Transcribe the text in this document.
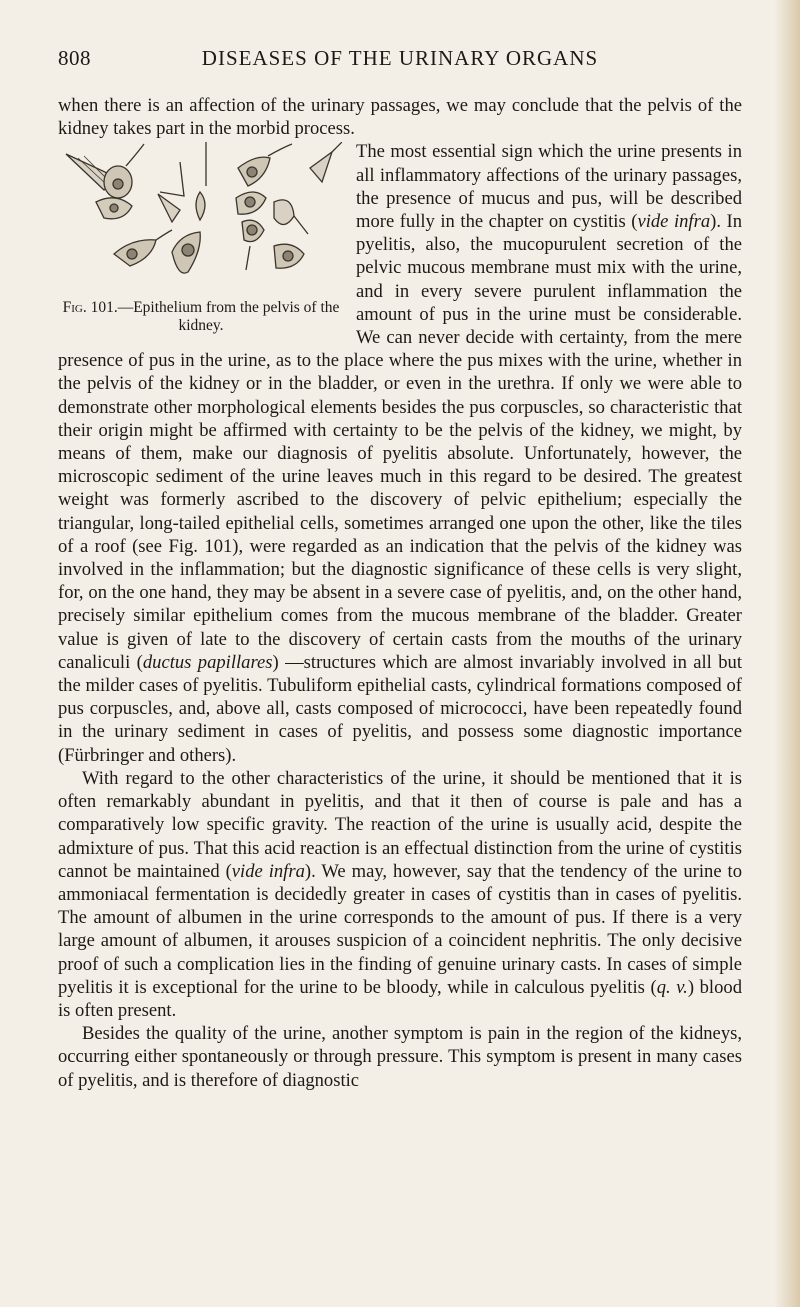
808	DISEASES OF THE URINARY ORGANS

when there is an affection of the urinary passages, we may conclude that the pelvis of the kidney takes part in the morbid process.

Fig. 101.—Epithelium from the pelvis of the kidney.
The most essential sign which the urine presents in all inflammatory affections of the urinary passages, the presence of mucus and pus, will be described more fully in the chapter on cystitis (vide infra). In pyelitis, also, the mucopurulent secretion of the pelvic mucous membrane must mix with the urine, and in every severe purulent inflammation the amount of pus in the urine must be considerable. We can never decide with certainty, from the mere presence of pus in the urine, as to the place where the pus mixes with the urine, whether in the pelvis of the kidney or in the bladder, or even in the urethra. If only we were able to demonstrate other morphological elements besides the pus corpuscles, so characteristic that their origin might be affirmed with certainty to be the pelvis of the kidney, we might, by means of them, make our diagnosis of pyelitis absolute. Unfortunately, however, the microscopic sediment of the urine leaves much in this regard to be desired. The greatest weight was formerly ascribed to the discovery of pelvic epithelium; especially the triangular, long-tailed epithelial cells, sometimes arranged one upon the other, like the tiles of a roof (see Fig. 101), were regarded as an indication that the pelvis of the kidney was involved in the inflammation; but the diagnostic significance of these cells is very slight, for, on the one hand, they may be absent in a severe case of pyelitis, and, on the other hand, precisely similar epithelium comes from the mucous membrane of the bladder. Greater value is given of late to the discovery of certain casts from the mouths of the urinary canaliculi (ductus papillares) —structures which are almost invariably involved in all but the milder cases of pyelitis. Tubuliform epithelial casts, cylindrical formations composed of pus corpuscles, and, above all, casts composed of micrococci, have been repeatedly found in the urinary sediment in cases of pyelitis, and possess some diagnostic importance (Fürbringer and others).

With regard to the other characteristics of the urine, it should be mentioned that it is often remarkably abundant in pyelitis, and that it then of course is pale and has a comparatively low specific gravity. The reaction of the urine is usually acid, despite the admixture of pus. That this acid reaction is an effectual distinction from the urine of cystitis cannot be maintained (vide infra). We may, however, say that the tendency of the urine to ammoniacal fermentation is decidedly greater in cases of cystitis than in cases of pyelitis. The amount of albumen in the urine corresponds to the amount of pus. If there is a very large amount of albumen, it arouses suspicion of a coincident nephritis. The only decisive proof of such a complication lies in the finding of genuine urinary casts. In cases of simple pyelitis it is exceptional for the urine to be bloody, while in calculous pyelitis (q. v.) blood is often present.

Besides the quality of the urine, another symptom is pain in the region of the kidneys, occurring either spontaneously or through pressure. This symptom is present in many cases of pyelitis, and is therefore of diagnostic
